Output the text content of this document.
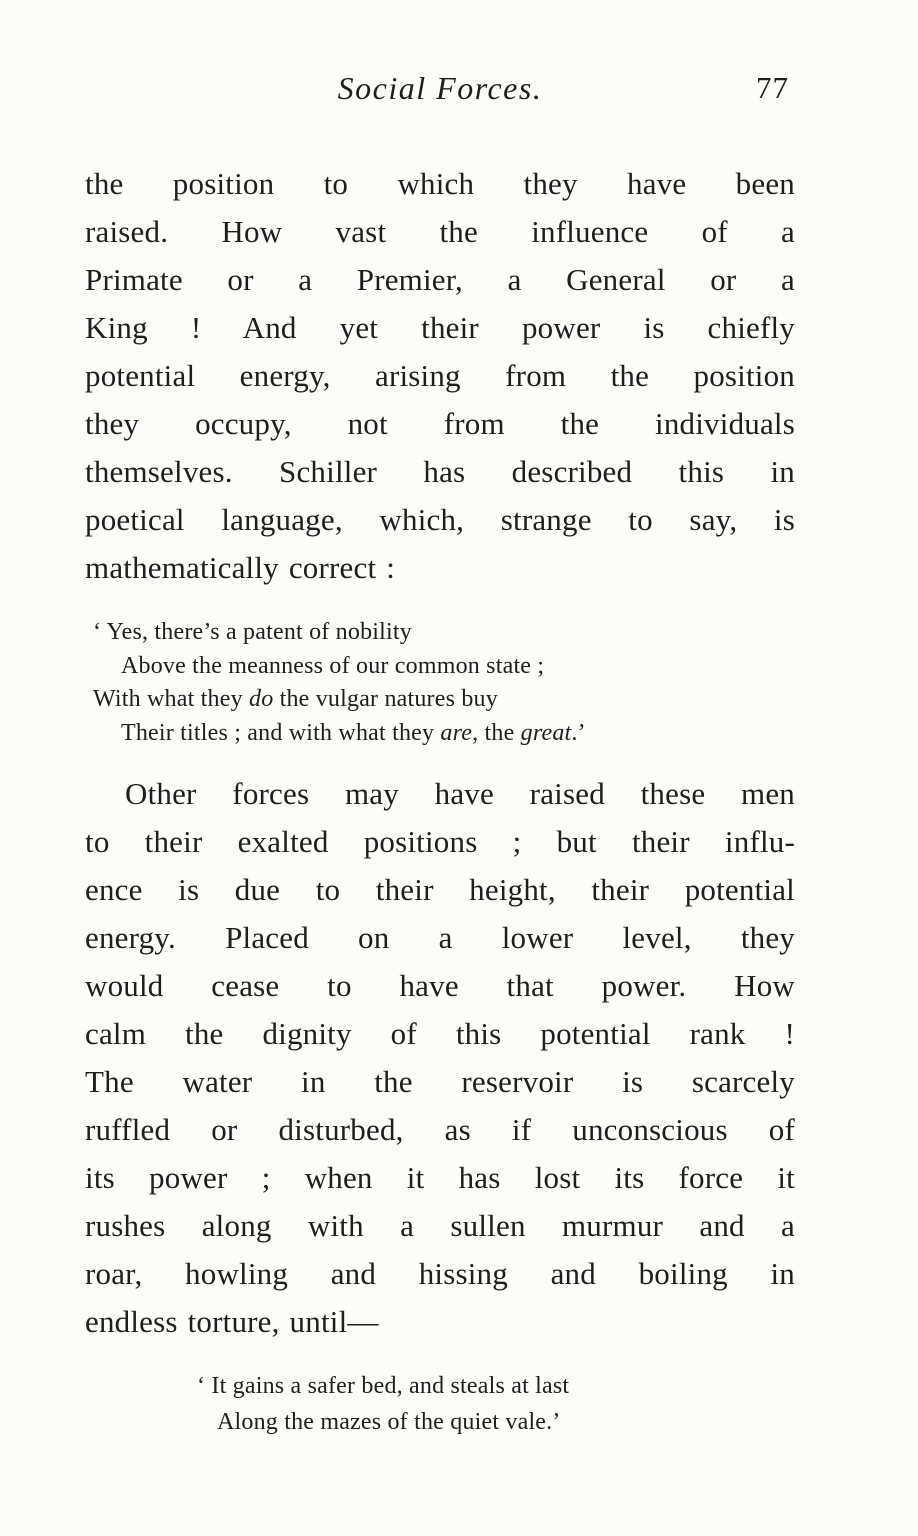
Social Forces.	77
the position to which they have been
raised. How vast the influence of a
Primate or a Premier, a General or a
King ! And yet their power is chiefly
potential energy, arising from the position
they occupy, not from the individuals
themselves. Schiller has described this in
poetical language, which, strange to say, is
mathematically correct :
‘ Yes, there’s a patent of nobility
Above the meanness of our common state ;
With what they do the vulgar natures buy
Their titles ; and with what they are, the great.’
Other forces may have raised these men
to their exalted positions ; but their influ-
ence is due to their height, their potential
energy. Placed on a lower level, they
would cease to have that power. How
calm the dignity of this potential rank !
The water in the reservoir is scarcely
ruffled or disturbed, as if unconscious of
its power ; when it has lost its force it
rushes along with a sullen murmur and a
roar, howling and hissing and boiling in
endless torture, until—
‘ It gains a safer bed, and steals at last
Along the mazes of the quiet vale.’
